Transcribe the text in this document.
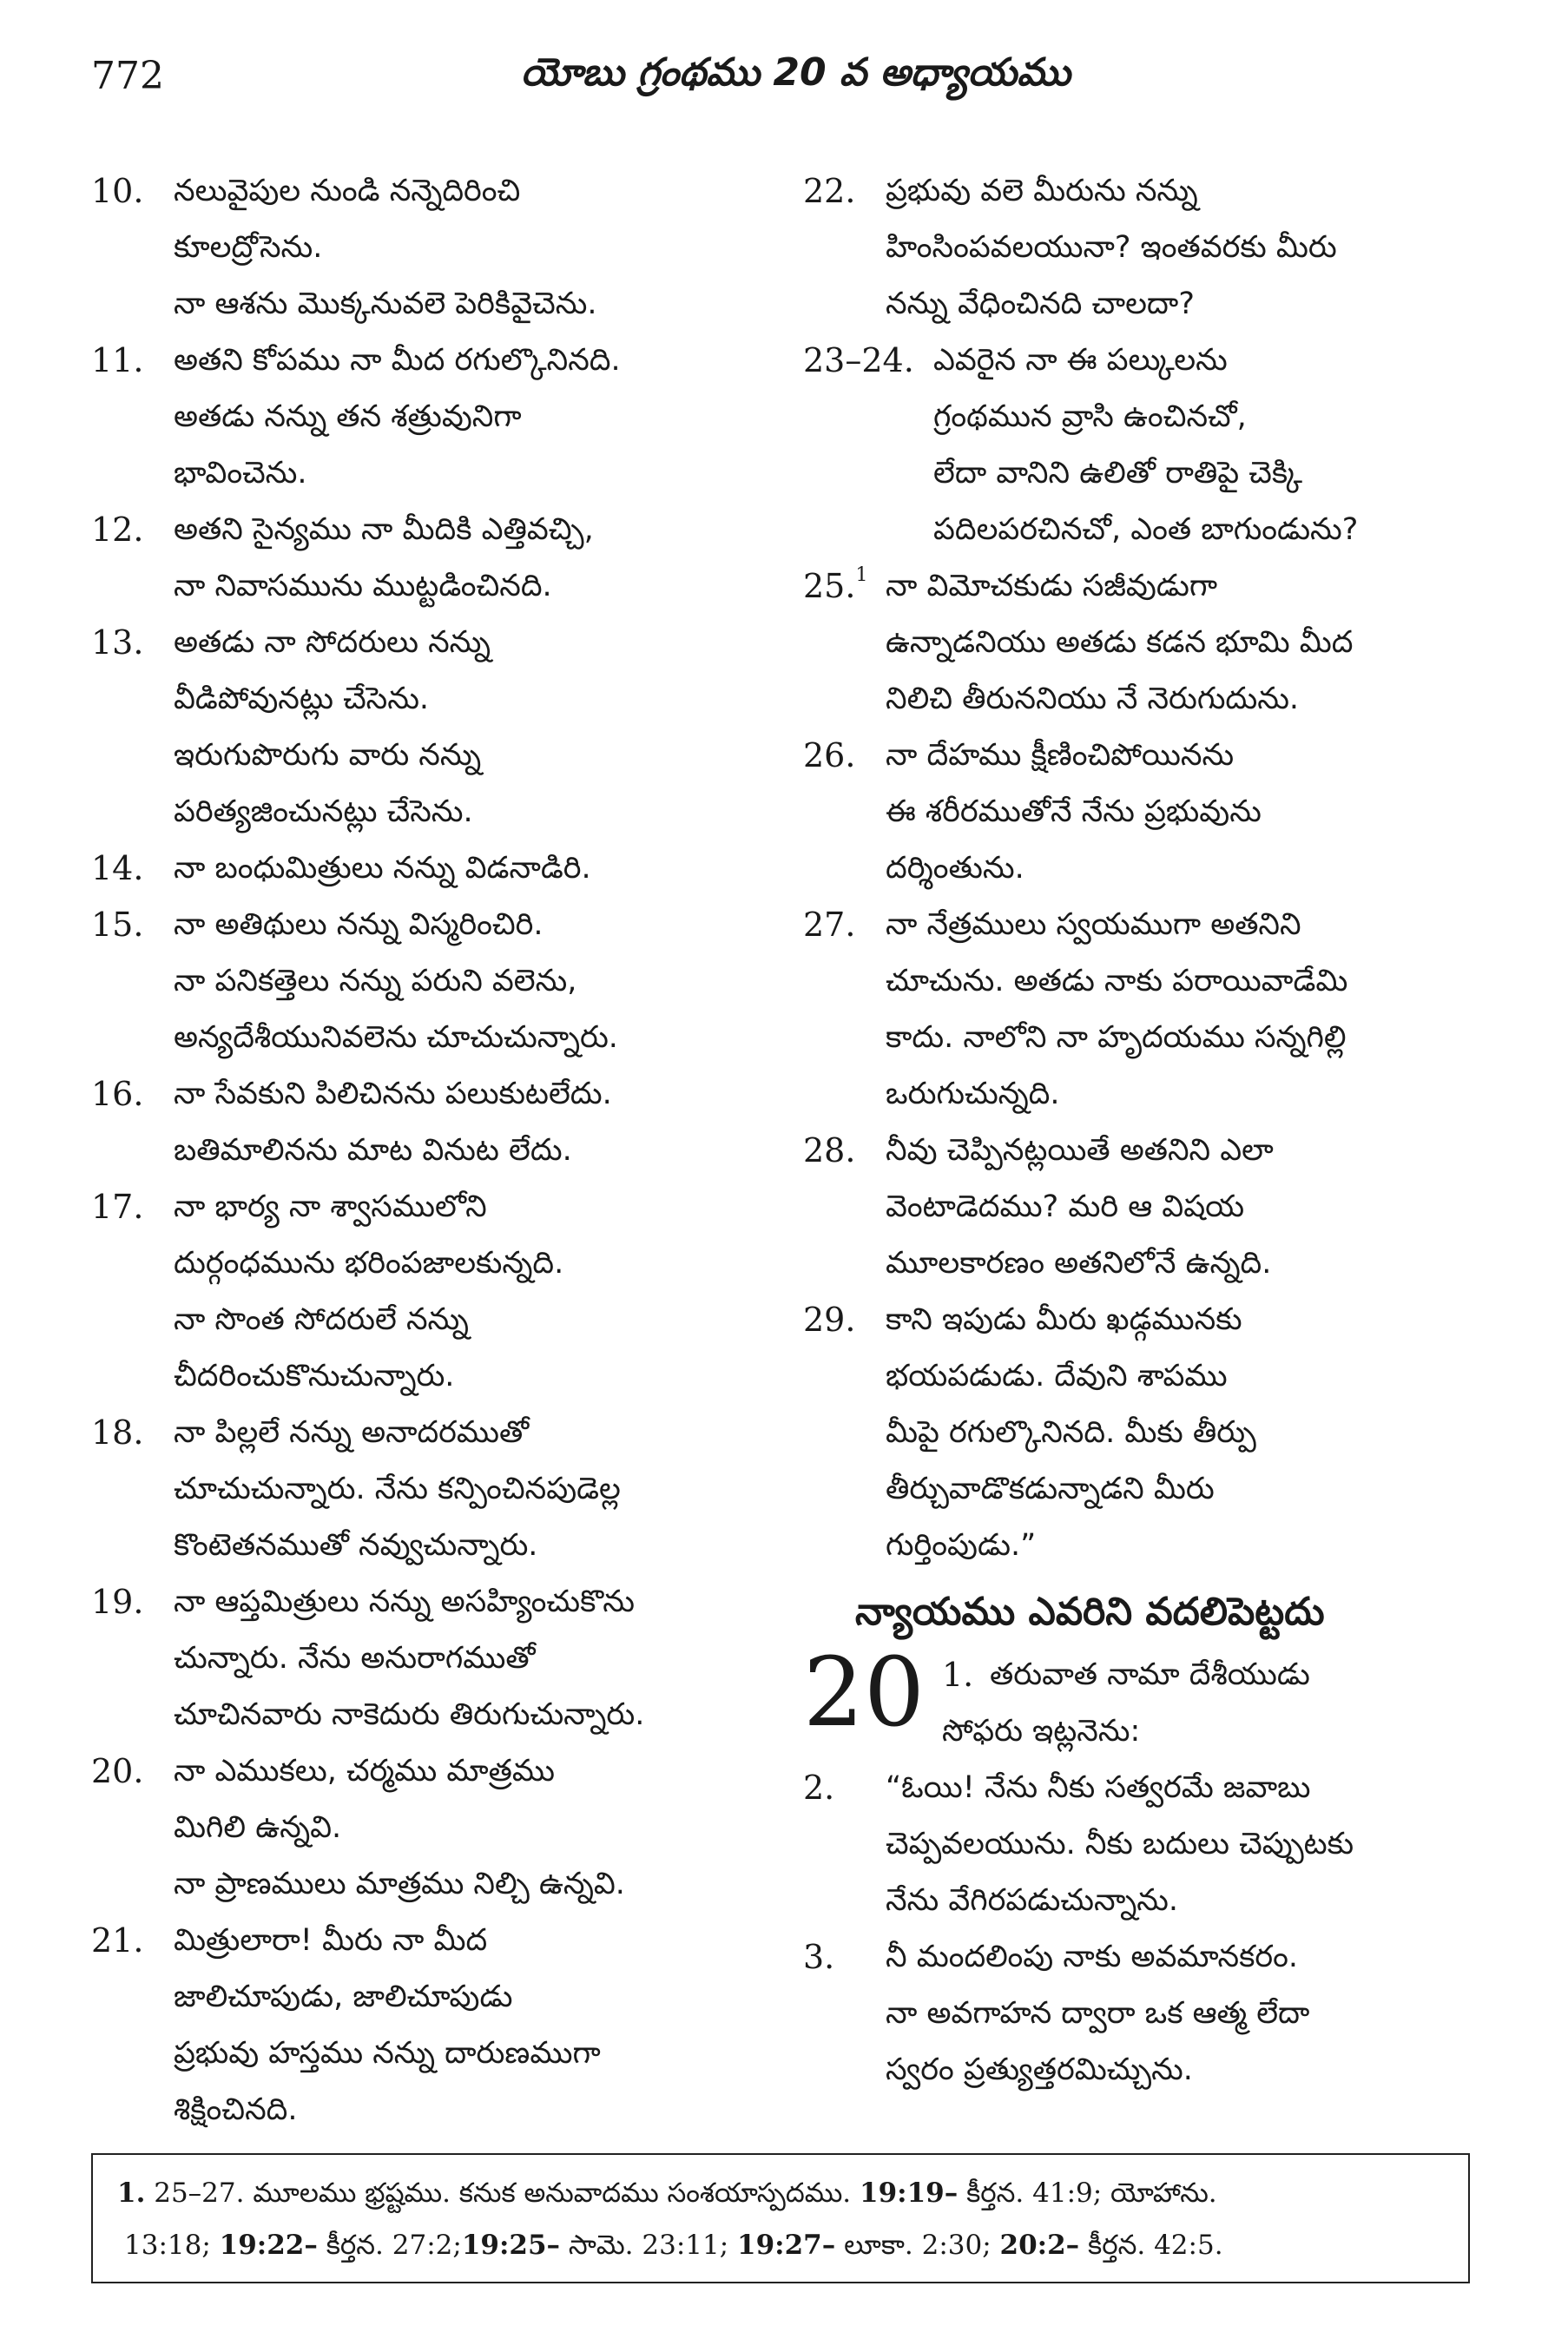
772	యోబు గ్రంథము 20 వ అధ్యాయము
10. నలువైపుల నుండి నన్నెదిరించి
కూలద్రోసెను.
నా ఆశను మొక్కనువలె పెరికివైచెను.
11. అతని కోపము నా మీద రగుల్కొనినది.
అతడు నన్ను తన శత్రువునిగా
భావించెను.
12. అతని సైన్యము నా మీదికి ఎత్తివచ్చి,
నా నివాసమును ముట్టడించినది.
13. అతడు నా సోదరులు నన్ను
వీడిపోవునట్లు చేసెను.
ఇరుగుపొరుగు వారు నన్ను
పరిత్యజించునట్లు చేసెను.
14. నా బంధుమిత్రులు నన్ను విడనాడిరి.
15. నా అతిథులు నన్ను విస్మరించిరి.
నా పనికత్తెలు నన్ను పరుని వలెను,
అన్యదేశీయునివలెను చూచుచున్నారు.
16. నా సేవకుని పిలిచినను పలుకుటలేదు.
బతిమాలినను మాట వినుట లేదు.
17. నా భార్య నా శ్వాసములోని
దుర్గంధమును భరింపజాలకున్నది.
నా సొంత సోదరులే నన్ను
చీదరించుకొనుచున్నారు.
18. నా పిల్లలే నన్ను అనాదరముతో
చూచుచున్నారు. నేను కన్పించినపుడెల్ల
కొంటెతనముతో నవ్వుచున్నారు.
19. నా ఆప్తమిత్రులు నన్ను అసహ్యించుకొను
చున్నారు. నేను అనురాగముతో
చూచినవారు నాకెదురు తిరుగుచున్నారు.
20. నా ఎముకలు, చర్మము మాత్రము
మిగిలి ఉన్నవి.
నా ప్రాణములు మాత్రము నిల్చి ఉన్నవి.
21. మిత్రులారా! మీరు నా మీద
జాలిచూపుడు, జాలిచూపుడు
ప్రభువు హస్తము నన్ను దారుణముగా
శిక్షించినది.
22. ప్రభువు వలె మీరును నన్ను
హింసింపవలయునా? ఇంతవరకు మీరు
నన్ను వేధించినది చాలదా?
23–24. ఎవరైన నా ఈ పల్కులను
గ్రంథమున వ్రాసి ఉంచినచో,
లేదా వానిని ఉలితో రాతిపై చెక్కి
పదిలపరచినచో, ఎంత బాగుండును?
25.$^1$ నా విమోచకుడు సజీవుడుగా
ఉన్నాడనియు అతడు కడన భూమి మీద
నిలిచి తీరుననియు నే నెరుగుదును.
26. నా దేహము క్షీణించిపోయినను
ఈ శరీరముతోనే నేను ప్రభువును
దర్శింతును.
27. నా నేత్రములు స్వయముగా అతనిని
చూచును. అతడు నాకు పరాయివాడేమి
కాదు. నాలోని నా హృదయము సన్నగిల్లి
ఒరుగుచున్నది.
28. నీవు చెప్పినట్లయితే అతనిని ఎలా
వెంటాడెదము? మరి ఆ విషయ
మూలకారణం అతనిలోనే ఉన్నది.
29. కాని ఇపుడు మీరు ఖడ్గమునకు
భయపడుడు. దేవుని శాపము
మీపై రగుల్కొనినది. మీకు తీర్పు
తీర్చువాడొకడున్నాడని మీరు
గుర్తింపుడు.”
న్యాయము ఎవరిని వదలిపెట్టదు
20 1. తరువాత నామా దేశీయుడు
సోఫరు ఇట్లనెను:
2.	“ఓయి! నేను నీకు సత్వరమే జవాబు
చెప్పవలయును. నీకు బదులు చెప్పుటకు
నేను వేగిరపడుచున్నాను.
3.	నీ మందలింపు నాకు అవమానకరం.
నా అవగాహన ద్వారా ఒక ఆత్మ లేదా
స్వరం ప్రత్యుత్తరమిచ్చును.
1. 25–27. మూలము భ్రష్టము. కనుక అనువాదము సంశయాస్పదము. 19:19– కీర్తన. 41:9; యోహాను.
13:18; 19:22– కీర్తన. 27:2;19:25– సామె. 23:11; 19:27– లూకా. 2:30; 20:2– కీర్తన. 42:5.
